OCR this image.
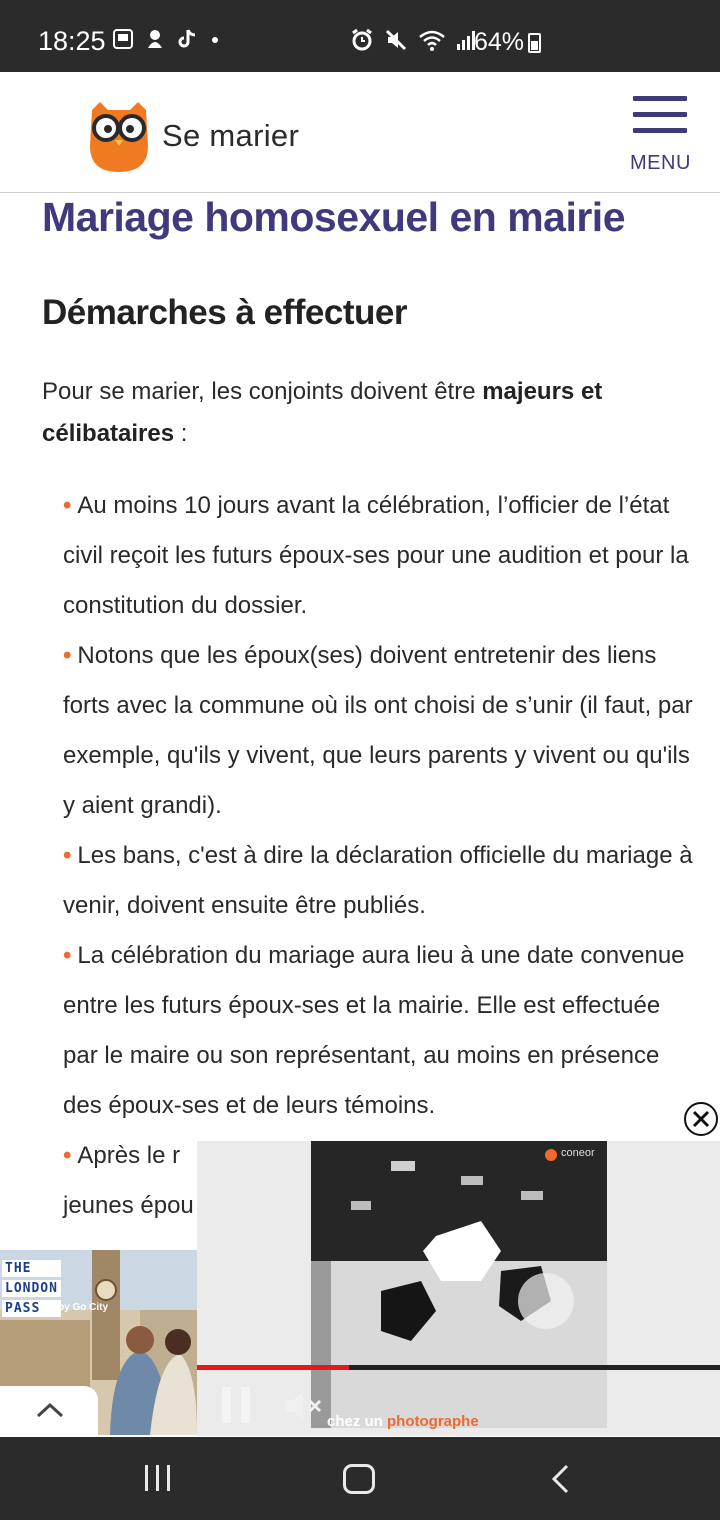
18:25	64%
Se marier
MENU
Mariage homosexuel en mairie
Démarches à effectuer

Pour se marier, les conjoints doivent être majeurs et célibataires :

• Au moins 10 jours avant la célébration, l’officier de l’état civil reçoit les futurs époux-ses pour une audition et pour la constitution du dossier.
• Notons que les époux(ses) doivent entretenir des liens forts avec la commune où ils ont choisi de s’unir (il faut, par exemple, qu'ils y vivent, que leurs parents y vivent ou qu'ils y aient grandi).
• Les bans, c'est à dire la déclaration officielle du mariage à venir, doivent ensuite être publiés.
• La célébration du mariage aura lieu à une date convenue entre les futurs époux-ses et la mairie. Elle est effectuée par le maire ou son représentant, au moins en présence des époux-ses et de leurs témoins.
• Après le r
jeunes épou
THE
LONDON
PASS	by Go City
coneor
00:15 / 00:52
chez un photographe
